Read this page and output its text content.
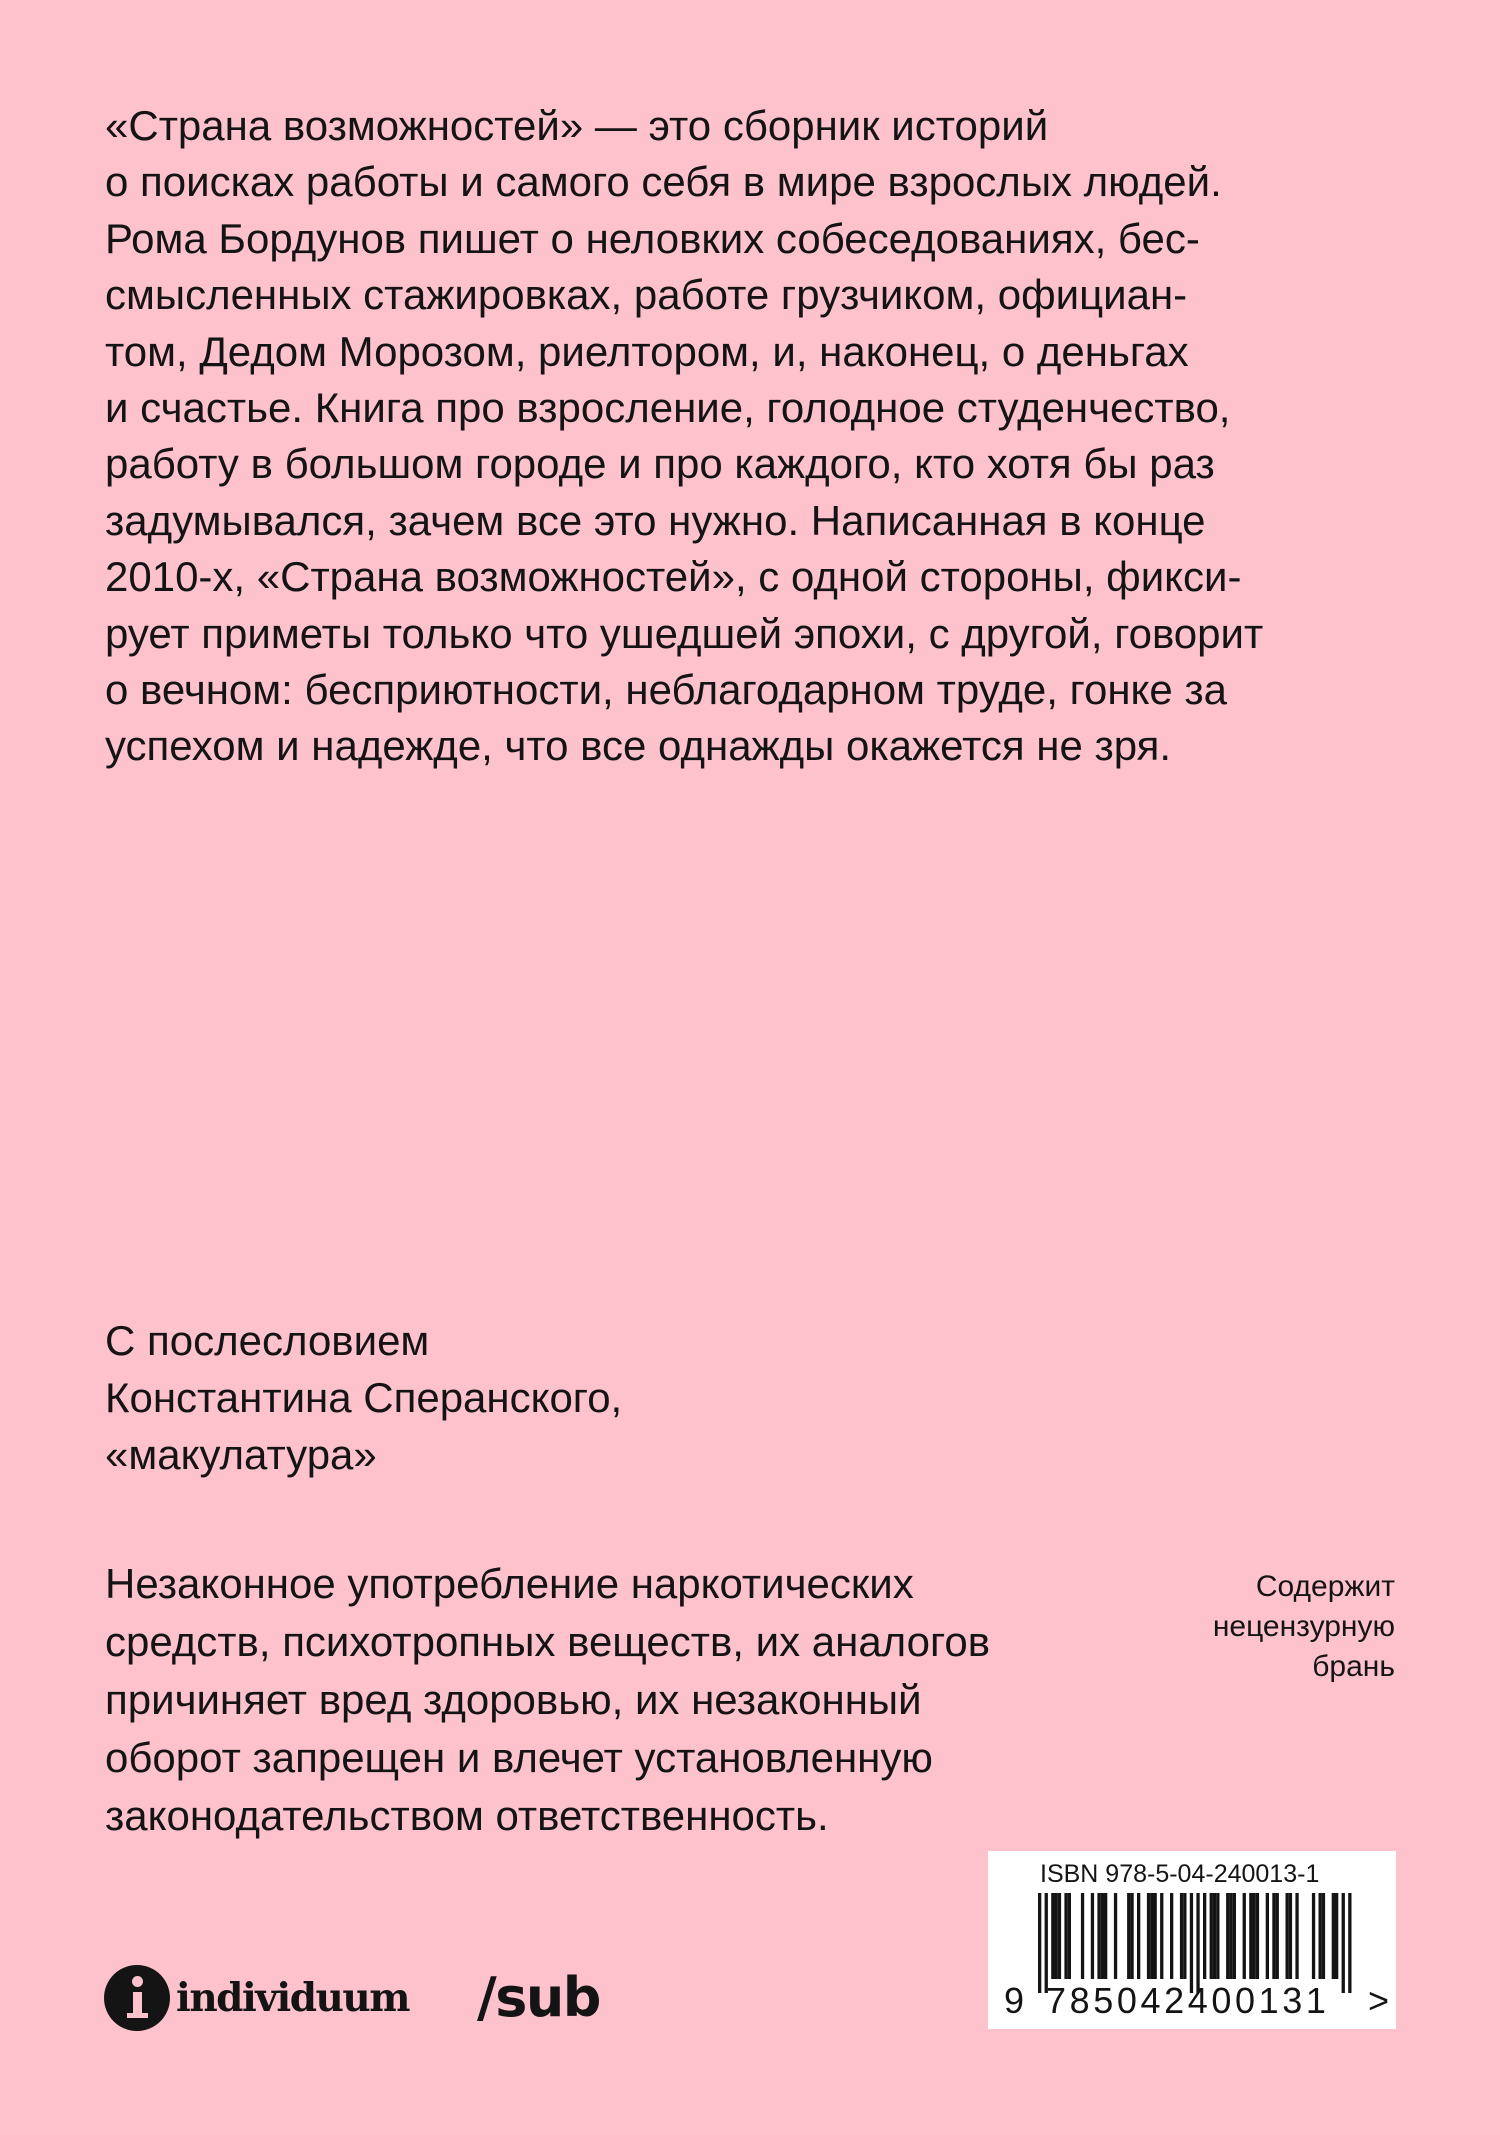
«Страна возможностей» — это сборник историй
о поисках работы и самого себя в мире взрослых людей.
Рома Бордунов пишет о неловких собеседованиях, бес-
смысленных стажировках, работе грузчиком, официан-
том, Дедом Морозом, риелтором, и, наконец, о деньгах
и счастье. Книга про взросление, голодное студенчество,
работу в большом городе и про каждого, кто хотя бы раз
задумывался, зачем все это нужно. Написанная в конце
2010-х, «Страна возможностей», с одной стороны, фикси-
рует приметы только что ушедшей эпохи, с другой, говорит
о вечном: бесприютности, неблагодарном труде, гонке за
успехом и надежде, что все однажды окажется не зря.
С послесловием
Константина Сперанского,
«макулатура»
Незаконное употребление наркотических
средств, психотропных веществ, их аналогов
причиняет вред здоровью, их незаконный
оборот запрещен и влечет установленную
законодательством ответственность.
Содержит
нецензурную
брань
individuum /sub
ISBN 978-5-04-240013-1
9 785042400131 >
